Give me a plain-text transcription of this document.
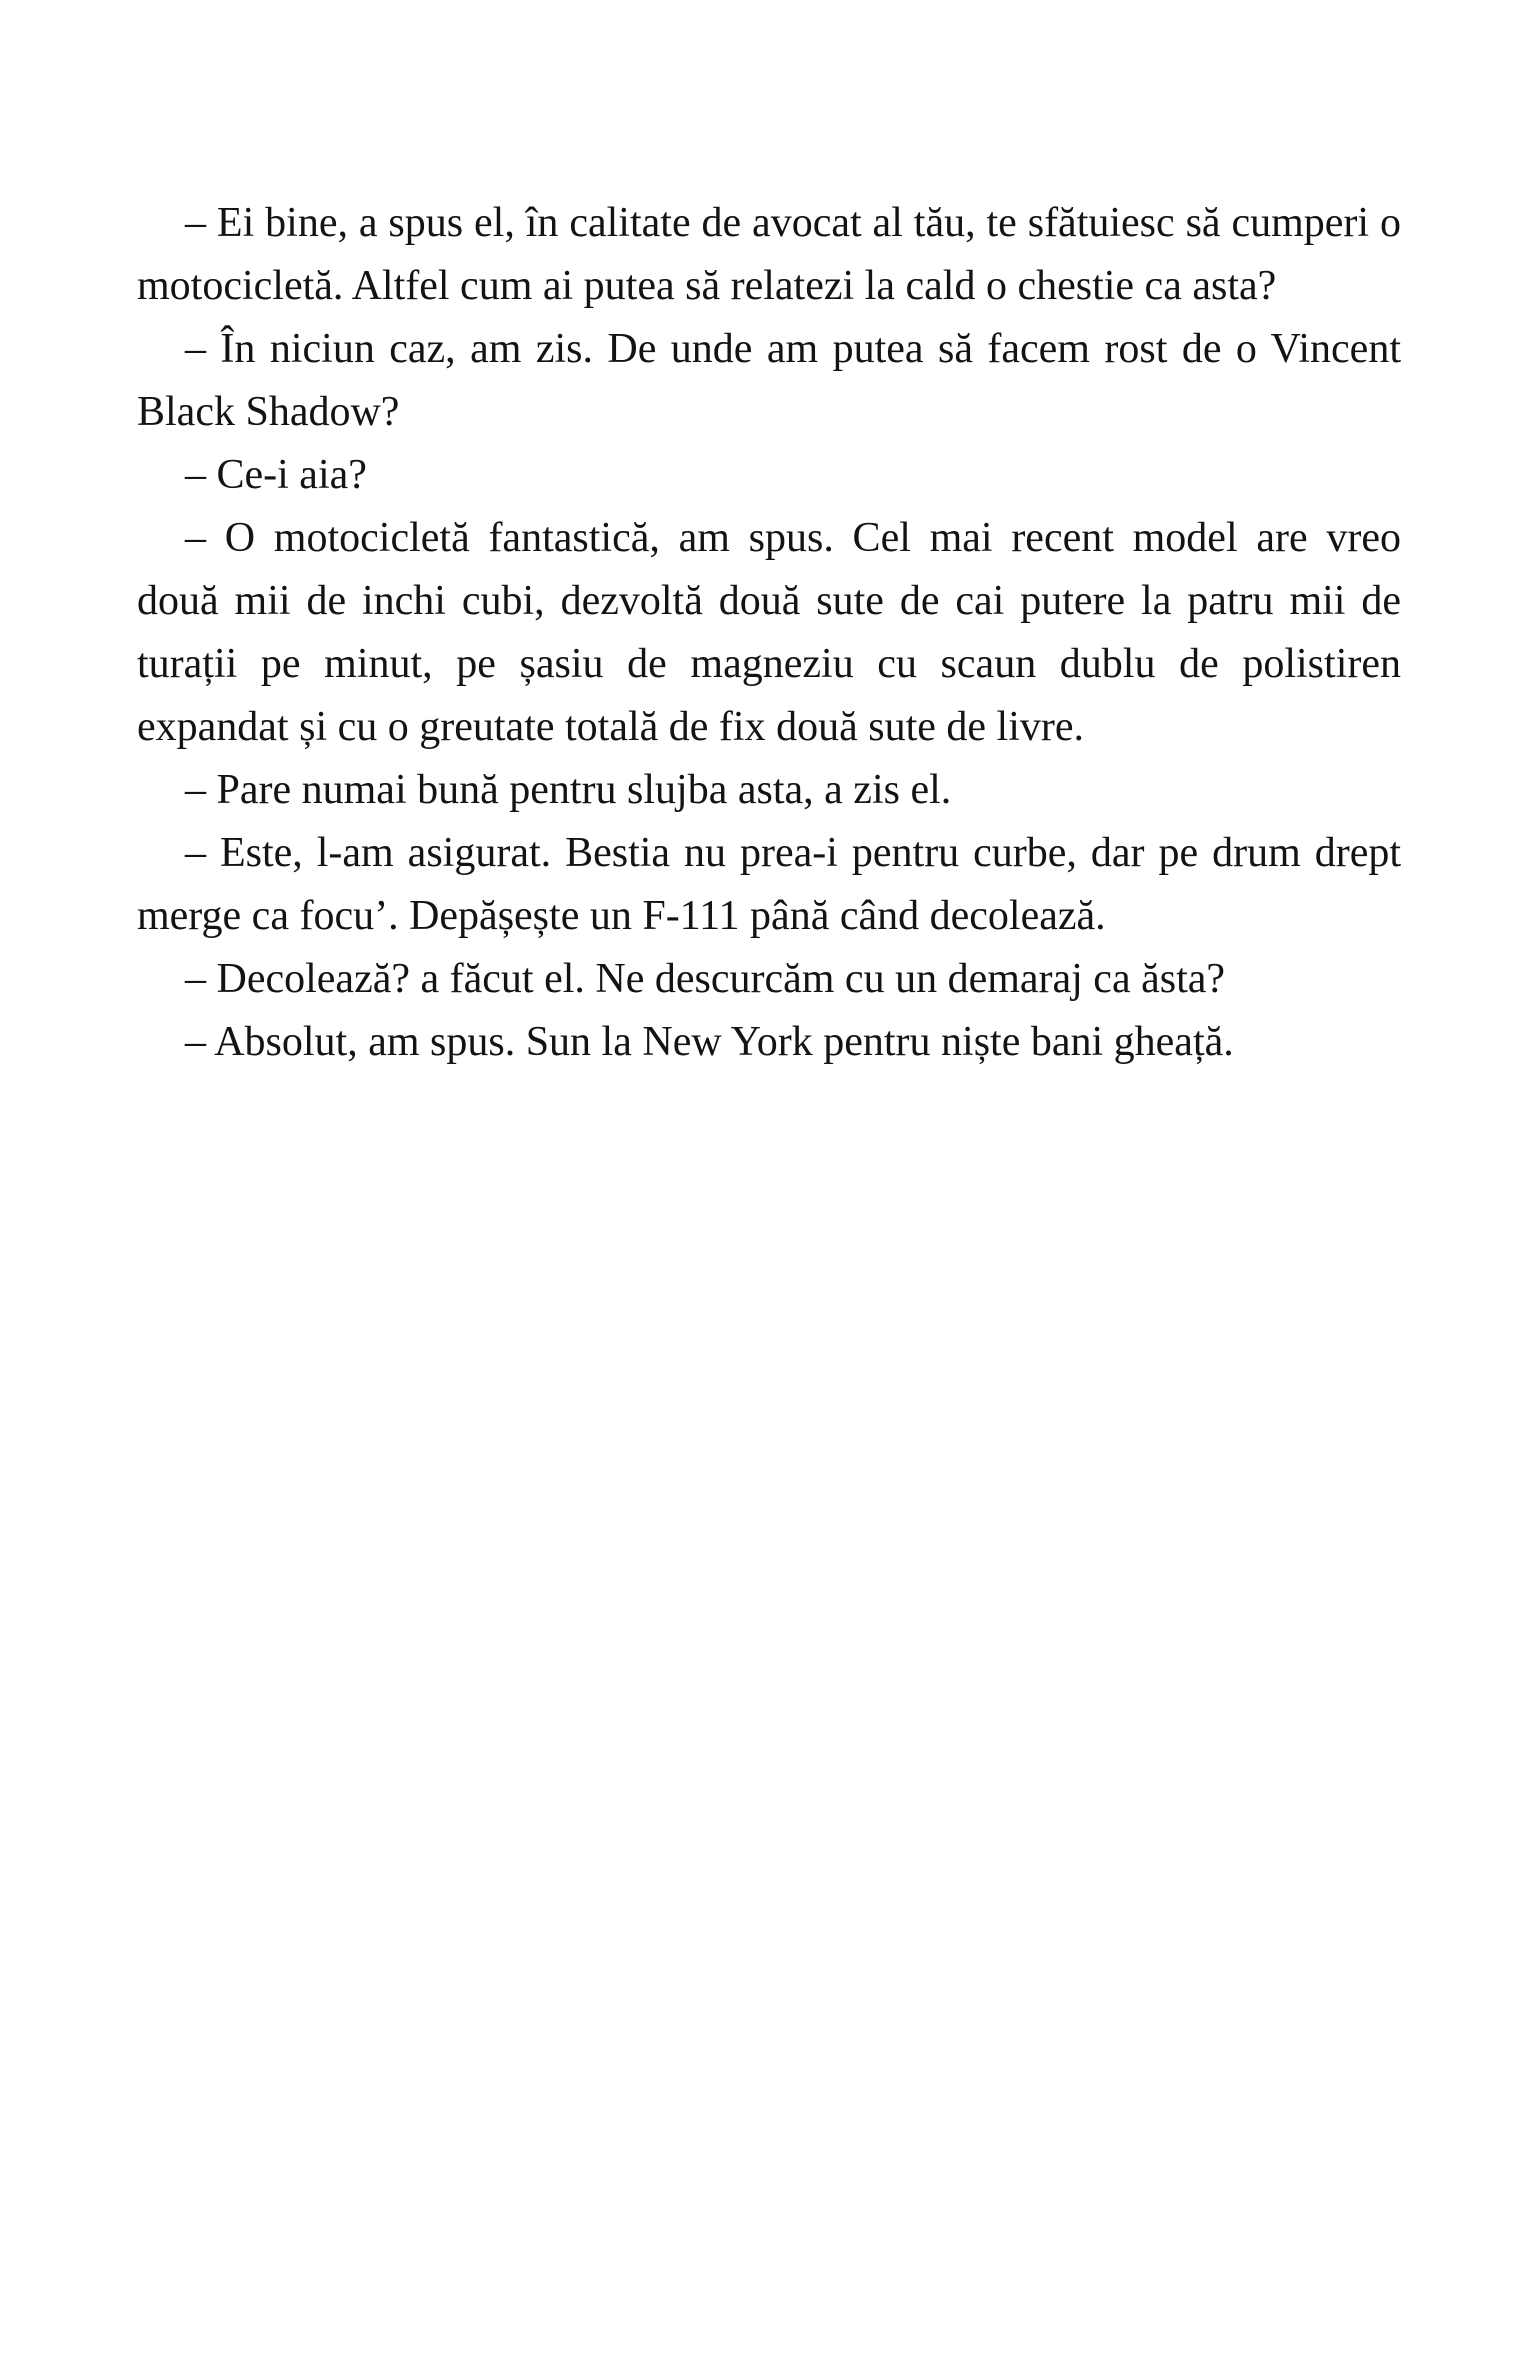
– Ei bine, a spus el, în calitate de avocat al tău, te sfătuiesc să cumperi o motocicletă. Altfel cum ai putea să relatezi la cald o chestie ca asta?

– În niciun caz, am zis. De unde am putea să facem rost de o Vincent Black Shadow?

– Ce-i aia?

– O motocicletă fantastică, am spus. Cel mai recent model are vreo două mii de inchi cubi, dezvoltă două sute de cai putere la patru mii de turații pe minut, pe șasiu de magneziu cu scaun dublu de polistiren expandat și cu o greutate totală de fix două sute de livre.

– Pare numai bună pentru slujba asta, a zis el.

– Este, l-am asigurat. Bestia nu prea-i pentru curbe, dar pe drum drept merge ca focu’. Depășește un F-111 până când decolează.

– Decolează? a făcut el. Ne descurcăm cu un demaraj ca ăsta?

– Absolut, am spus. Sun la New York pentru niște bani gheață.
